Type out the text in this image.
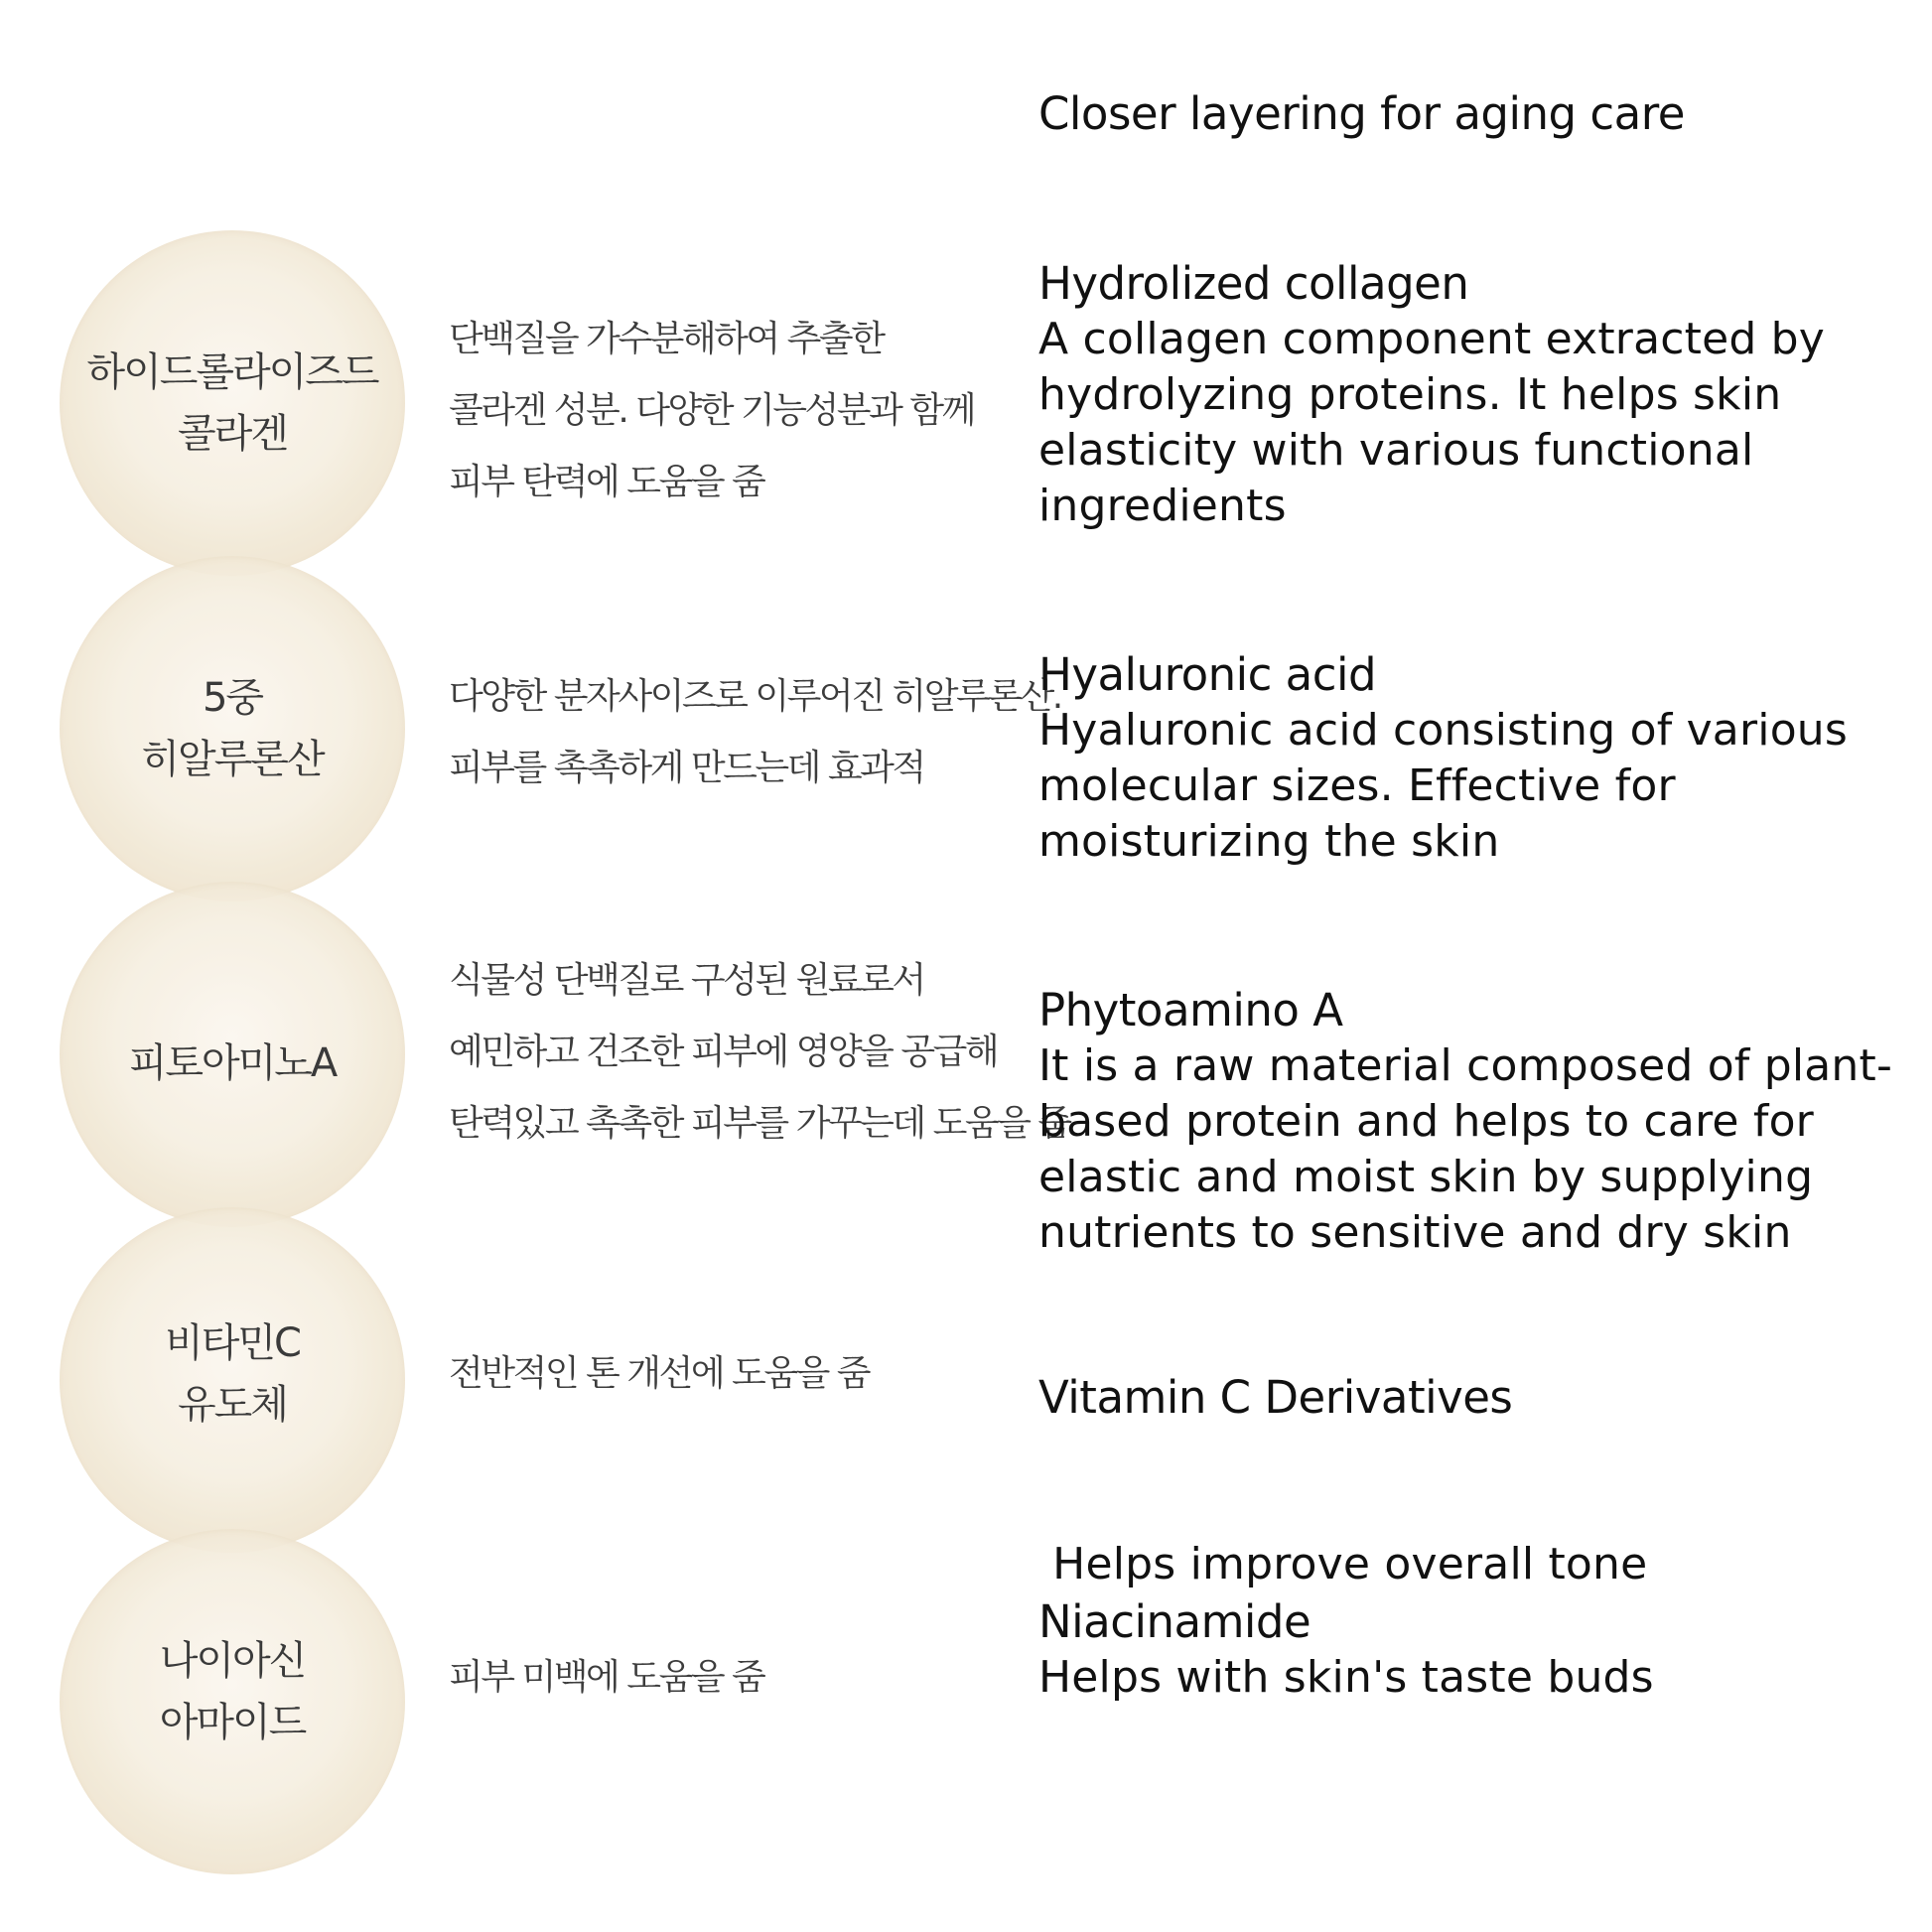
하이드롤라이즈드
콜라겐
5중
히알루론산
피토아미노A
비타민C
유도체
나이아신
아마이드
단백질을 가수분해하여 추출한
콜라겐 성분. 다양한 기능성분과 함께
피부 탄력에 도움을 줌
다양한 분자사이즈로 이루어진 히알루론산.
피부를 촉촉하게 만드는데 효과적
식물성 단백질로 구성된 원료로서
예민하고 건조한 피부에 영양을 공급해
탄력있고 촉촉한 피부를 가꾸는데 도움을 줌
전반적인 톤 개선에 도움을 줌
피부 미백에 도움을 줌
Closer layering for aging care
Hydrolized collagen
A collagen component extracted by
hydrolyzing proteins. It helps skin
elasticity with various functional
ingredients
Hyaluronic acid
Hyaluronic acid consisting of various
molecular sizes. Effective for
moisturizing the skin
Phytoamino A
It is a raw material composed of plant-
based protein and helps to care for
elastic and moist skin by supplying
nutrients to sensitive and dry skin
Vitamin C Derivatives

Helps improve overall tone

Niacinamide
Helps with skin's taste buds
